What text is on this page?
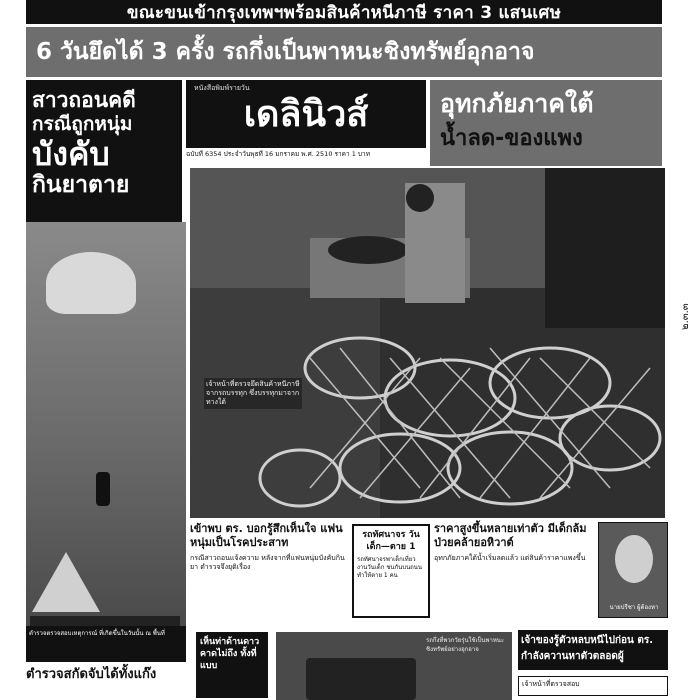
ขณะขนเข้ากรุงเทพฯพร้อมสินค้าหนีภาษี ราคา 3 แสนเศษ
6 วันยึดได้ 3 ครั้ง รถกึ่งเป็นพาหนะชิงทรัพย์อุกอาจ
สาวถอนคดี
กรณีถูกหนุ่ม
บังคับ
กินยาตาย
หนังสือพิมพ์รายวัน
เดลินิวส์
ฉบับที่ 6354 ประจำวันพุธที่ 16 มกราคม พ.ศ. 2510 ราคา 1 บาท
อุทกภัยภาคใต้
น้ำลด-ของแพง
เจ้าหน้าที่ตรวจยึดสินค้าหนีภาษีจากรถบรรทุก ซึ่งบรรทุกมาจากทางใต้
๒.๓.๓
เข้าพบ ตร. บอกรู้สึกเห็นใจ แฟนหนุ่มเป็นโรคประสาท
กรณีสาวถอนแจ้งความ หลังจากที่แฟนหนุ่มบังคับกินยา ตำรวจจึงยุติเรื่อง
รถทัศนาจร วันเด็ก—ตาย 1
รถทัศนาจรพาเด็กเที่ยวงานวันเด็ก ชนกันบนถนน ทำให้ตาย 1 คน
ราคาสูงขึ้นหลายเท่าตัว มีเด็กล้มป่วยคล้ายอหิวาต์
อุทกภัยภาคใต้น้ำเริ่มลดแล้ว แต่สินค้าราคาแพงขึ้น
นายปรีชา ผู้ต้องหา
ตำรวจตรวจสอบเหตุการณ์ ที่เกิดขึ้นในวันนั้น ณ พื้นที่
ตำรวจสกัดจับได้ทั้งแก๊ง
เห็นท่าด้านดาวคาดไม่ถึง ทั้งที่แบบ
รถกึ่งที่พวกวัยรุ่นใช้เป็นพาหนะ ชิงทรัพย์อย่างอุกอาจ
เจ้าของรู้ตัวหลบหนีไปก่อน ตร. กำลังควานหาตัวตลอดผู้
เจ้าหน้าที่ตรวจสอบ
